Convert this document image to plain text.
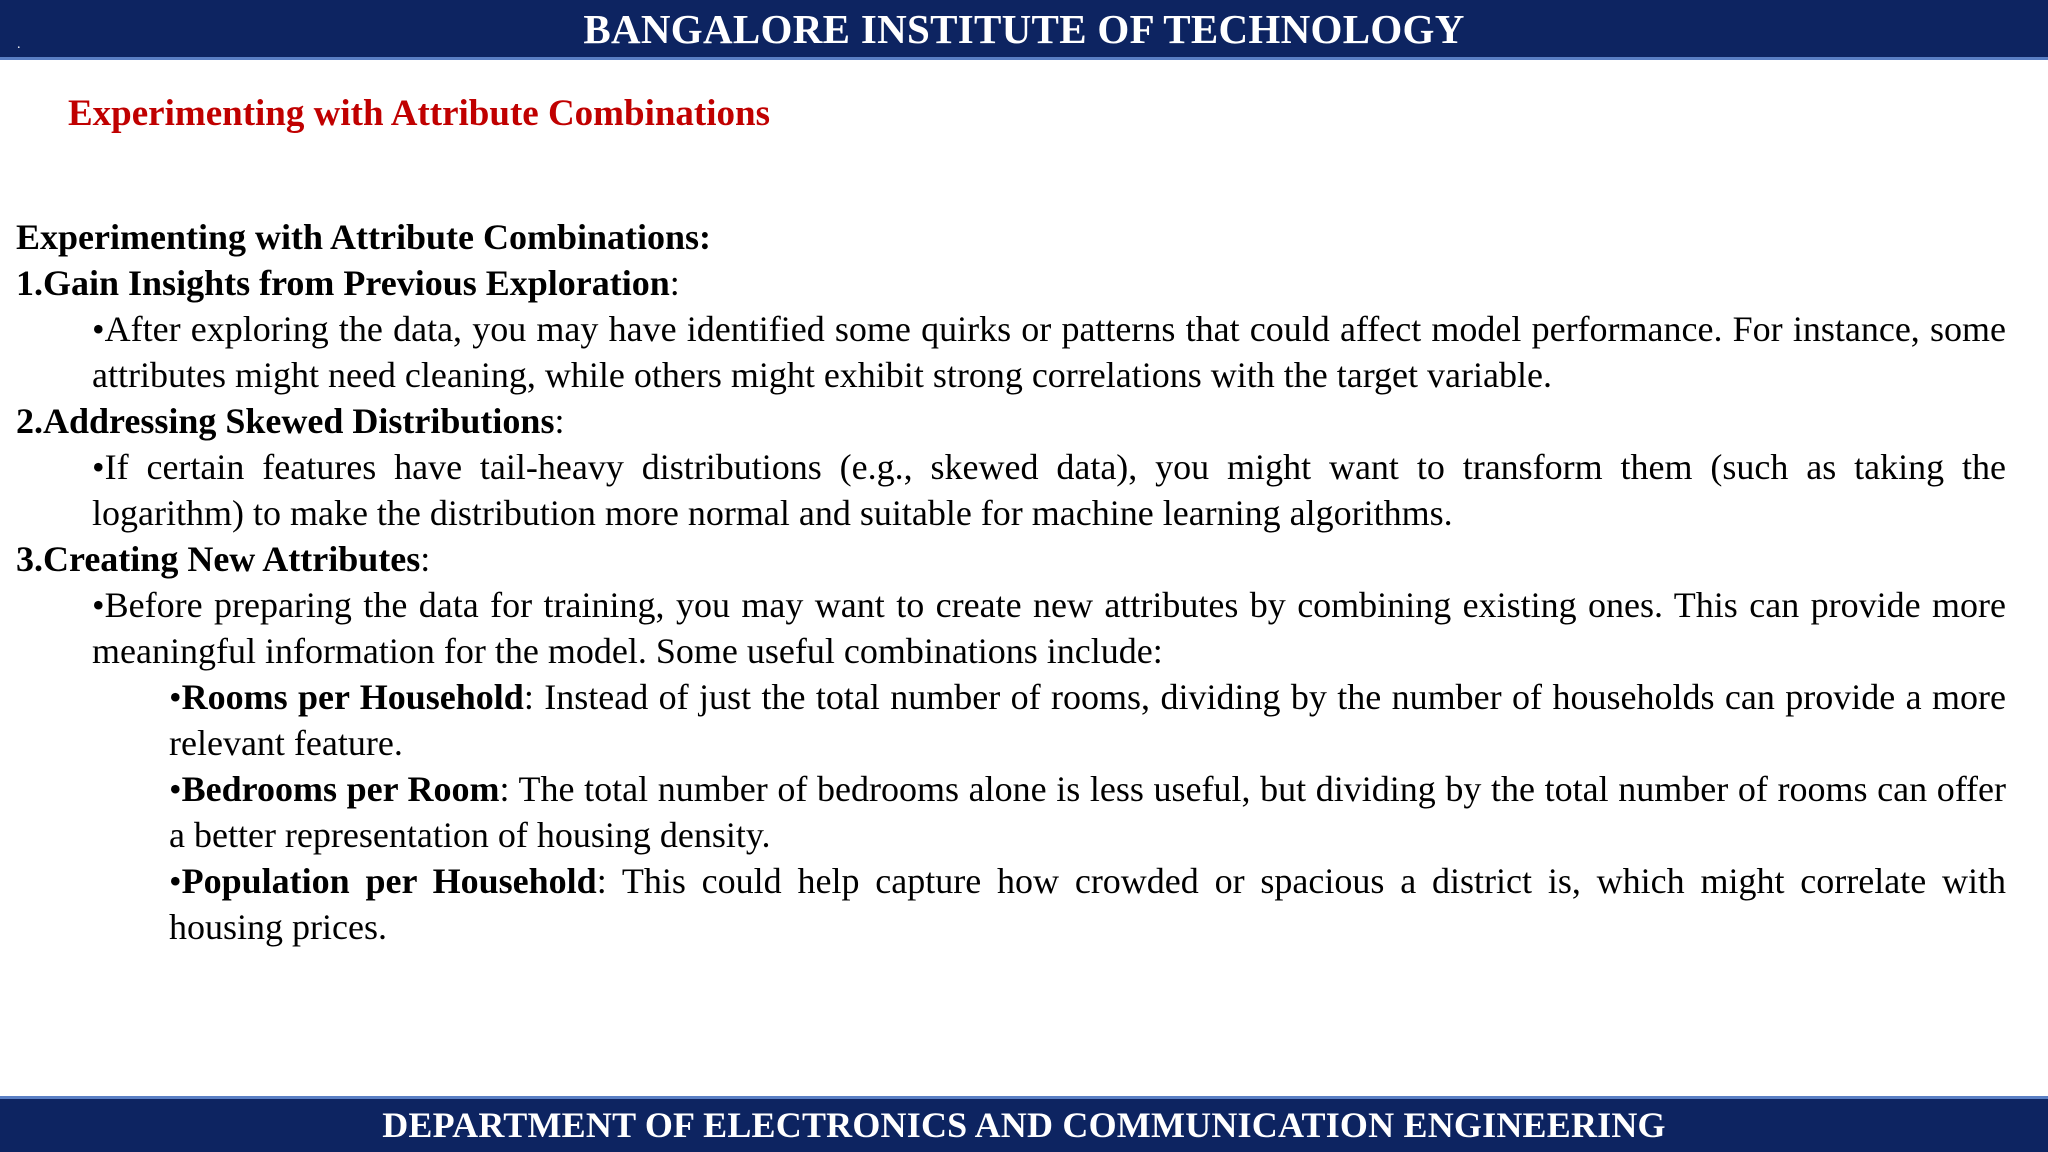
.	BANGALORE INSTITUTE OF TECHNOLOGY
Experimenting with Attribute Combinations

Experimenting with Attribute Combinations:

1.Gain Insights from Previous Exploration:

•After exploring the data, you may have identified some quirks or patterns that could affect model performance. For instance, some attributes might need cleaning, while others might exhibit strong correlations with the target variable.

2.Addressing Skewed Distributions:

•If certain features have tail-heavy distributions (e.g., skewed data), you might want to transform them (such as taking the logarithm) to make the distribution more normal and suitable for machine learning algorithms.

3.Creating New Attributes:

•Before preparing the data for training, you may want to create new attributes by combining existing ones. This can provide more meaningful information for the model. Some useful combinations include:

•Rooms per Household: Instead of just the total number of rooms, dividing by the number of households can provide a more relevant feature.

•Bedrooms per Room: The total number of bedrooms alone is less useful, but dividing by the total number of rooms can offer a better representation of housing density.

•Population per Household: This could help capture how crowded or spacious a district is, which might correlate with housing prices.

DEPARTMENT OF ELECTRONICS AND COMMUNICATION ENGINEERING
